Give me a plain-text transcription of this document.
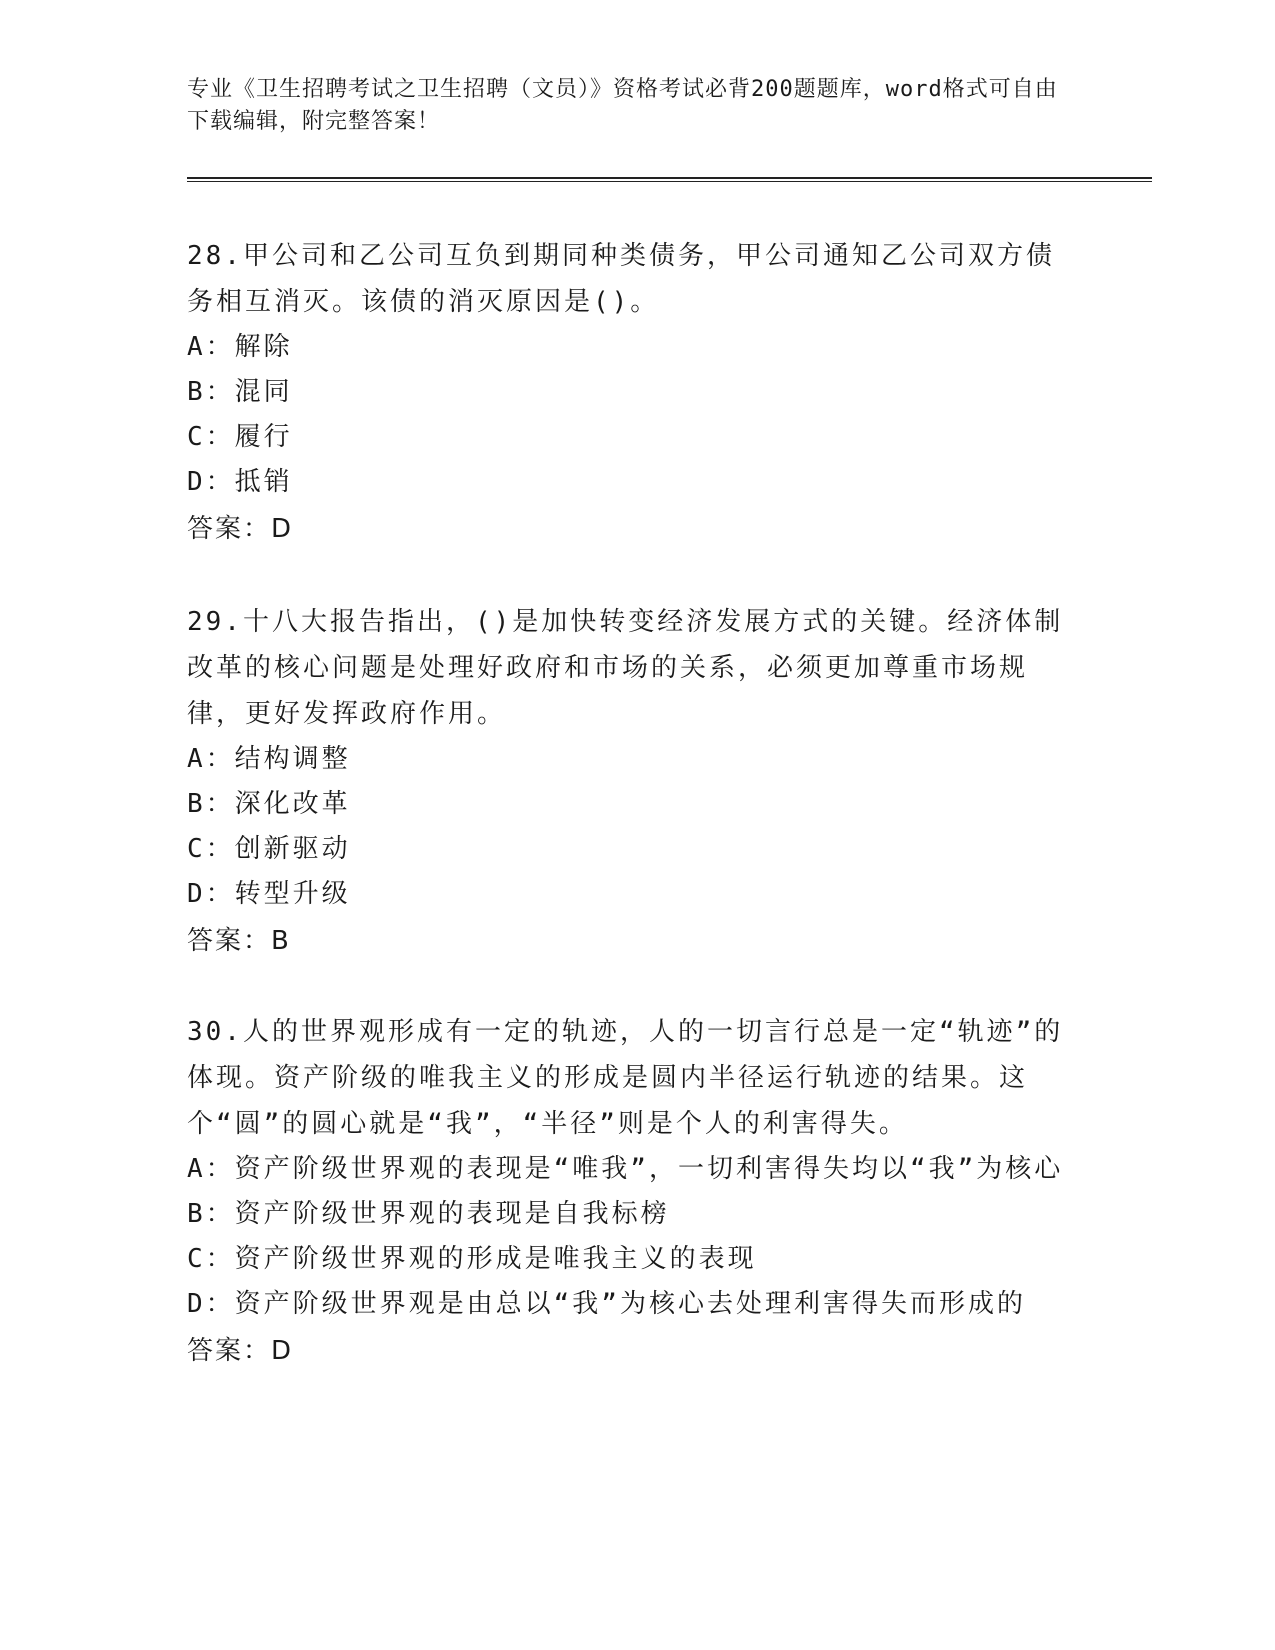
专业《卫生招聘考试之卫生招聘（文员）》资格考试必背200题题库，word格式可自由下载编辑，附完整答案！

28.甲公司和乙公司互负到期同种类债务，甲公司通知乙公司双方债务相互消灭。该债的消灭原因是()。

A：解除

B：混同

C：履行

D：抵销

答案：D

29.十八大报告指出，()是加快转变经济发展方式的关键。经济体制改革的核心问题是处理好政府和市场的关系，必须更加尊重市场规律，更好发挥政府作用。

A：结构调整

B：深化改革

C：创新驱动

D：转型升级

答案：B

30.人的世界观形成有一定的轨迹，人的一切言行总是一定“轨迹”的体现。资产阶级的唯我主义的形成是圆内半径运行轨迹的结果。这个“圆”的圆心就是“我”，“半径”则是个人的利害得失。

A：资产阶级世界观的表现是“唯我”，一切利害得失均以“我”为核心

B：资产阶级世界观的表现是自我标榜

C：资产阶级世界观的形成是唯我主义的表现

D：资产阶级世界观是由总以“我”为核心去处理利害得失而形成的

答案：D
